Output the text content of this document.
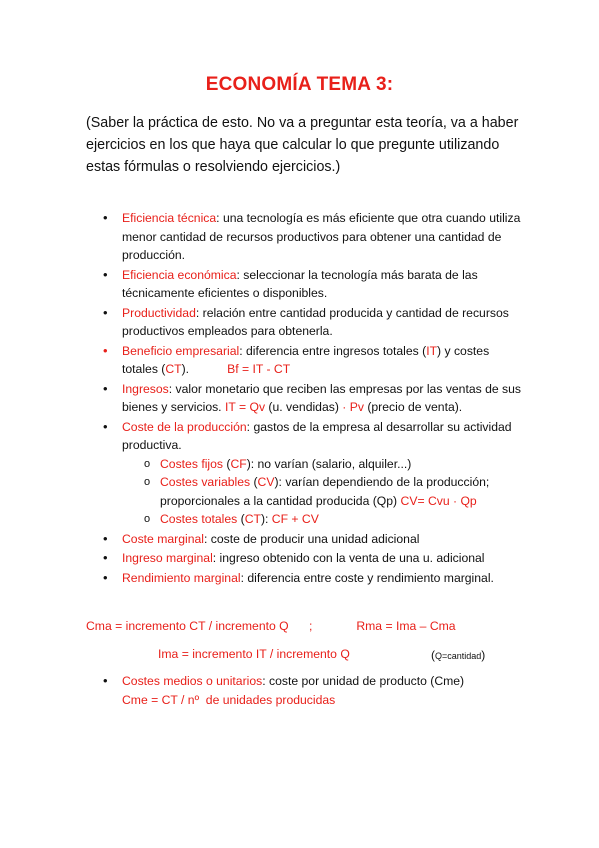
ECONOMÍA TEMA 3:
(Saber la práctica de esto. No va a preguntar esta teoría, va a haber ejercicios en los que haya que calcular lo que pregunte utilizando estas fórmulas o resolviendo ejercicios.)
• Eficiencia técnica: una tecnología es más eficiente que otra cuando utiliza menor cantidad de recursos productivos para obtener una cantidad de producción.
• Eficiencia económica: seleccionar la tecnología más barata de las técnicamente eficientes o disponibles.
• Productividad: relación entre cantidad producida y cantidad de recursos productivos empleados para obtenerla.
• Beneficio empresarial: diferencia entre ingresos totales (IT) y costes totales (CT).	Bf = IT - CT
• Ingresos: valor monetario que reciben las empresas por las ventas de sus bienes y servicios. IT = Qv (u. vendidas) · Pv (precio de venta).
• Coste de la producción: gastos de la empresa al desarrollar su actividad productiva.
o Costes fijos (CF): no varían (salario, alquiler...)
o Costes variables (CV): varían dependiendo de la producción; proporcionales a la cantidad producida (Qp) CV= Cvu · Qp
o Costes totales (CT): CF + CV
• Coste marginal: coste de producir una unidad adicional
• Ingreso marginal: ingreso obtenido con la venta de una u. adicional
• Rendimiento marginal: diferencia entre coste y rendimiento marginal.
Cma = incremento CT / incremento Q      ;             Rma = Ima – Cma
Ima = incremento IT / incremento Q	(Q=cantidad)
• Costes medios o unitarios: coste por unidad de producto (Cme)
Cme = CT / nº  de unidades producidas
